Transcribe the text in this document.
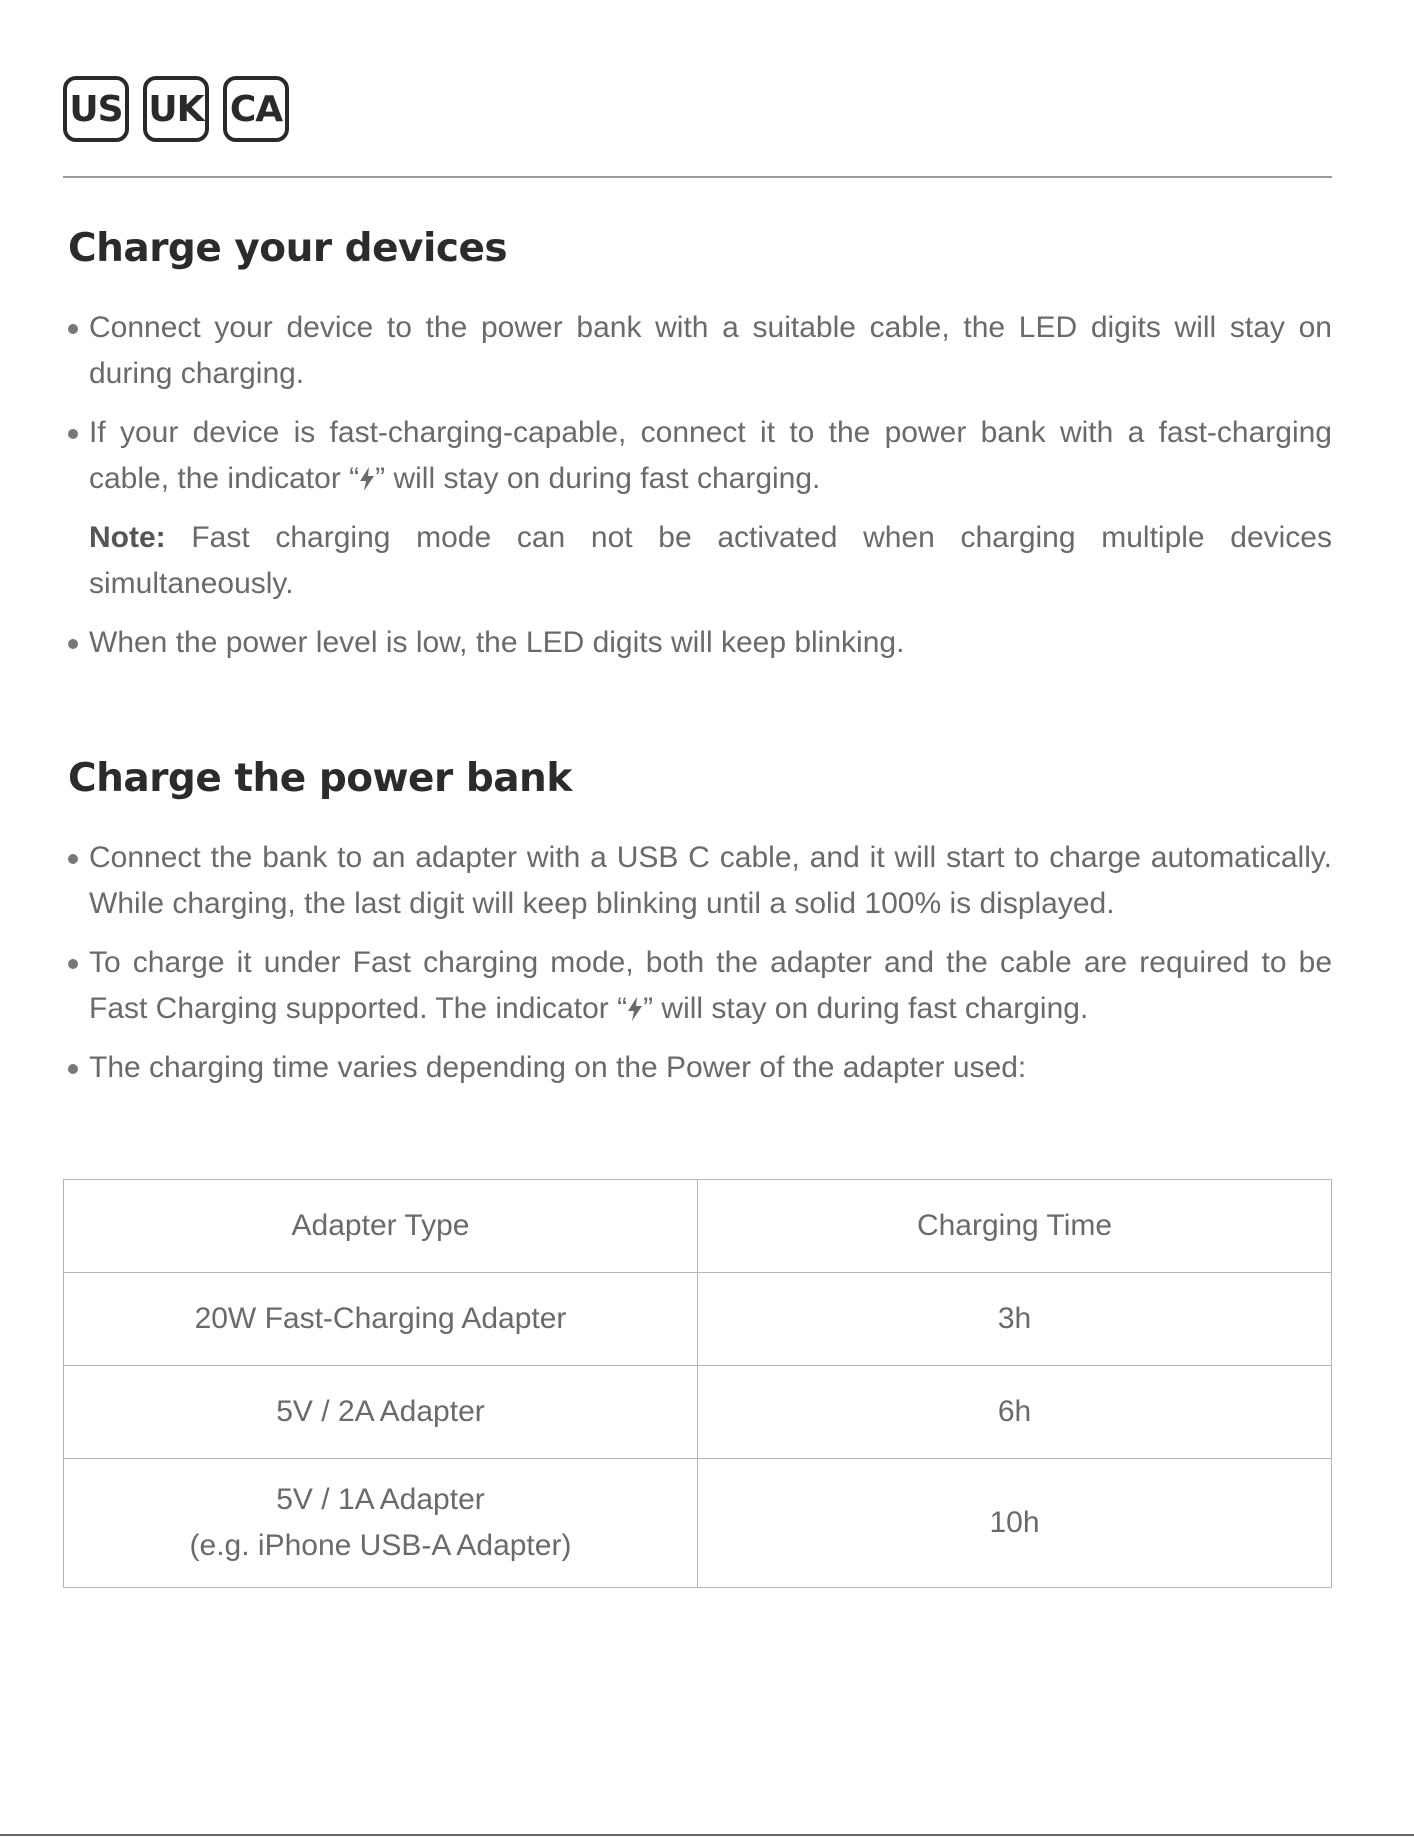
US UK CA
Charge your devices
Connect your device to the power bank with a suitable cable, the LED digits will stay on during charging.
If your device is fast-charging-capable, connect it to the power bank with a fast-charging cable, the indicator “ ” will stay on during fast charging.
Note: Fast charging mode can not be activated when charging multiple devices simultaneously.
When the power level is low, the LED digits will keep blinking.
Charge the power bank
Connect the bank to an adapter with a USB C cable, and it will start to charge automatically. While charging, the last digit will keep blinking until a solid 100% is displayed.
To charge it under Fast charging mode, both the adapter and the cable are required to be Fast Charging supported. The indicator “ ” will stay on during fast charging.
The charging time varies depending on the Power of the adapter used:
Adapter Type	Charging Time
20W Fast-Charging Adapter	3h
5V / 2A Adapter	6h

5V / 1A Adapter
(e.g. iPhone USB-A Adapter)	10h
